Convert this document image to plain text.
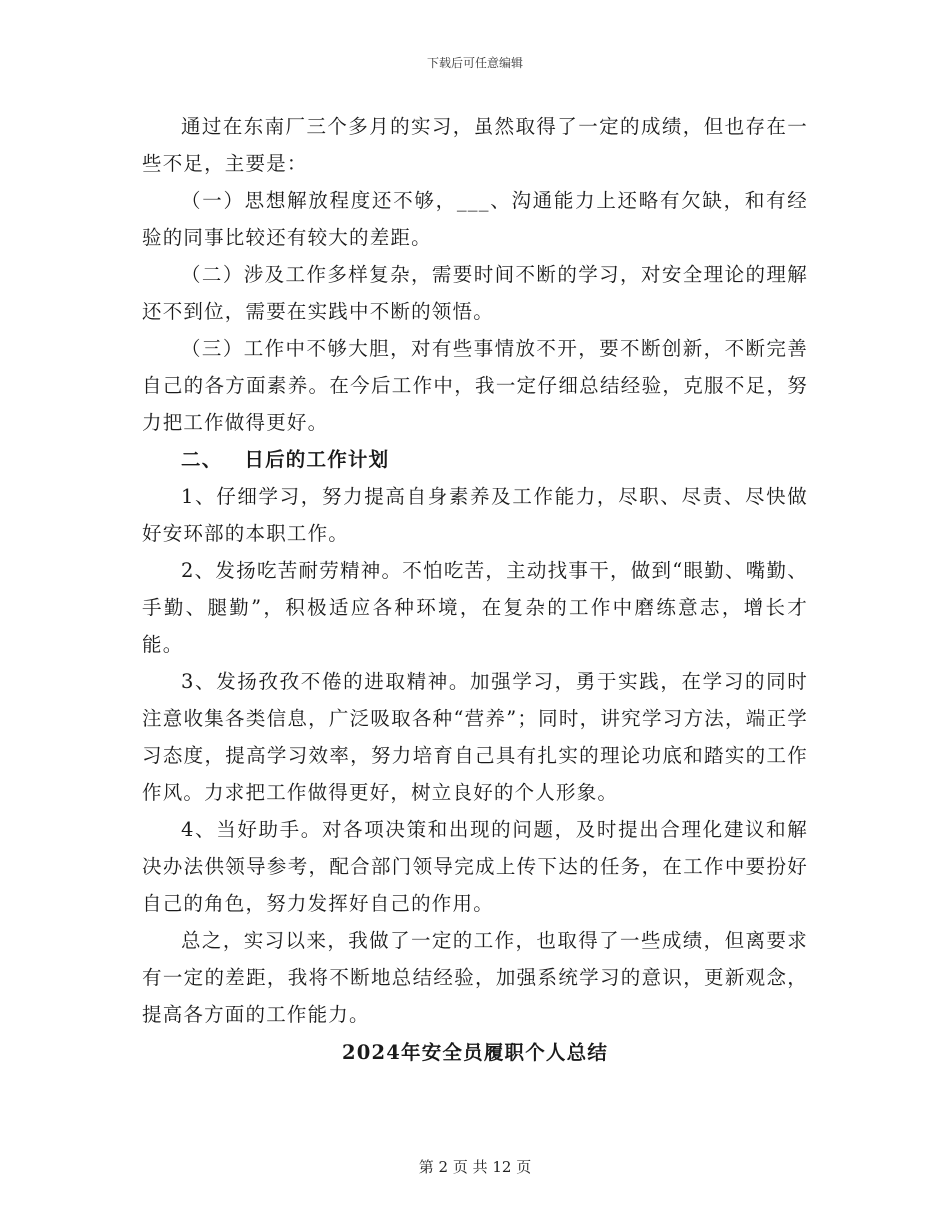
下载后可任意编辑

通过在东南厂三个多月的实习，虽然取得了一定的成绩，但也存在一些不足，主要是：

（一）思想解放程度还不够，___、沟通能力上还略有欠缺，和有经验的同事比较还有较大的差距。

（二）涉及工作多样复杂，需要时间不断的学习，对安全理论的理解还不到位，需要在实践中不断的领悟。

（三）工作中不够大胆，对有些事情放不开，要不断创新，不断完善自己的各方面素养。在今后工作中，我一定仔细总结经验，克服不足，努力把工作做得更好。

二、 日后的工作计划

1、仔细学习，努力提高自身素养及工作能力，尽职、尽责、尽快做好安环部的本职工作。

2、发扬吃苦耐劳精神。不怕吃苦，主动找事干，做到“眼勤、嘴勤、手勤、腿勤”，积极适应各种环境，在复杂的工作中磨练意志，增长才能。

3、发扬孜孜不倦的进取精神。加强学习，勇于实践，在学习的同时注意收集各类信息，广泛吸取各种“营养”；同时，讲究学习方法，端正学习态度，提高学习效率，努力培育自己具有扎实的理论功底和踏实的工作作风。力求把工作做得更好，树立良好的个人形象。

4、当好助手。对各项决策和出现的问题，及时提出合理化建议和解决办法供领导参考，配合部门领导完成上传下达的任务，在工作中要扮好自己的角色，努力发挥好自己的作用。

总之，实习以来，我做了一定的工作，也取得了一些成绩，但离要求有一定的差距，我将不断地总结经验，加强系统学习的意识，更新观念，提高各方面的工作能力。

2024年安全员履职个人总结

第 2 页 共 12 页
